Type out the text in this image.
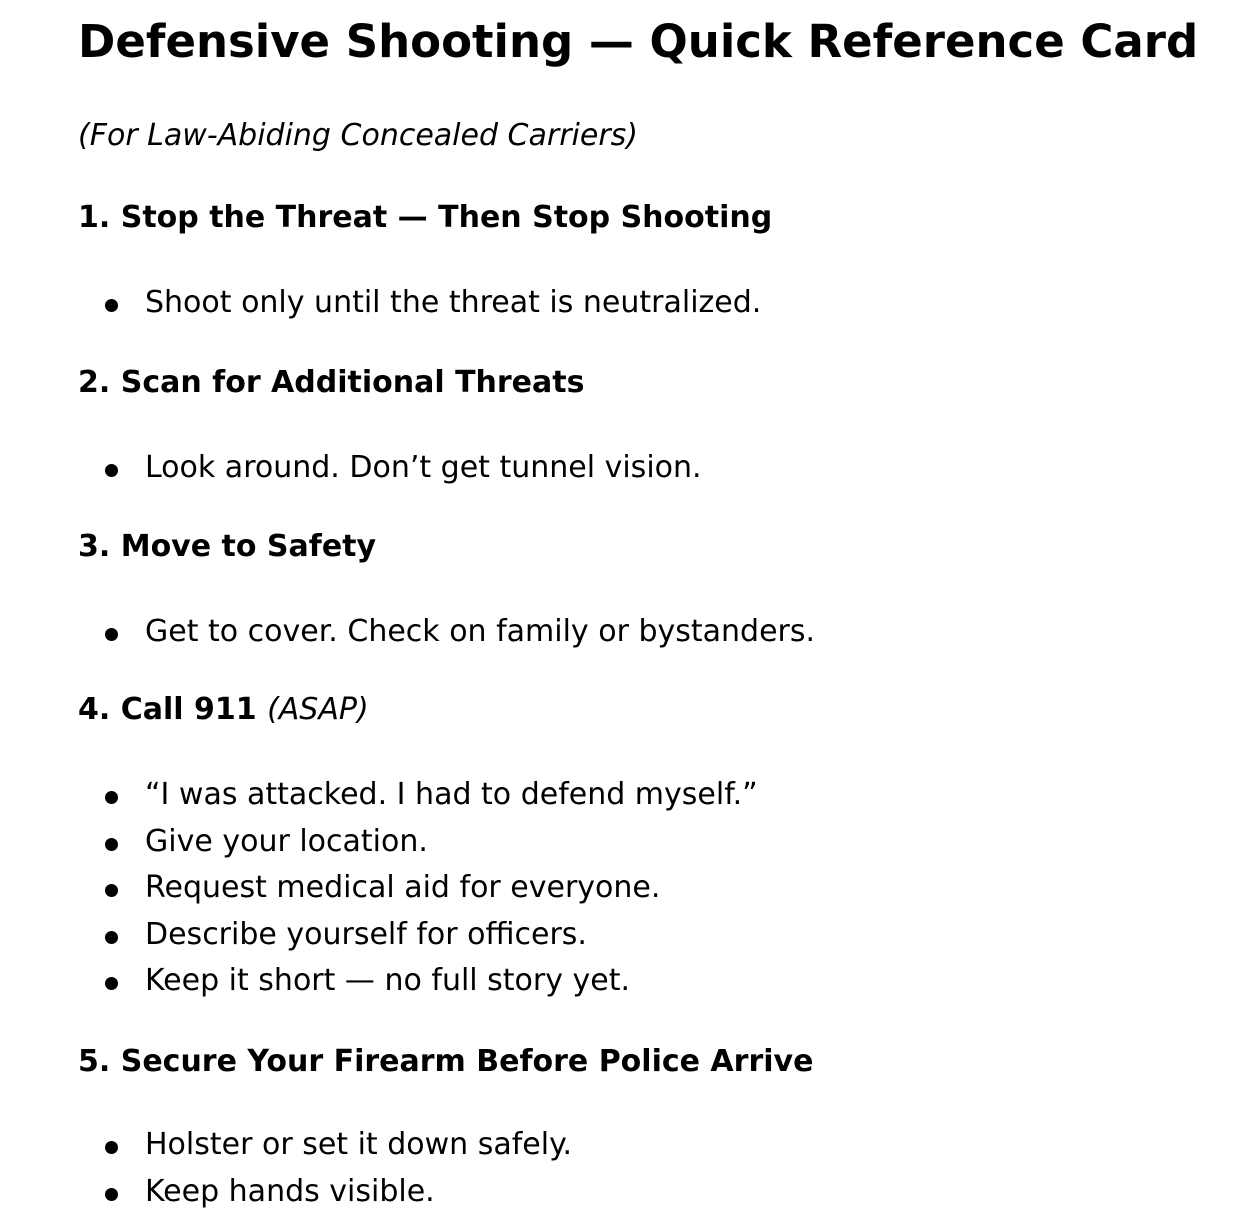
Defensive Shooting — Quick Reference Card

(For Law-Abiding Concealed Carriers)

1. Stop the Threat — Then Stop Shooting
Shoot only until the threat is neutralized.
2. Scan for Additional Threats
Look around. Don’t get tunnel vision.
3. Move to Safety
Get to cover. Check on family or bystanders.
4. Call 911 (ASAP)
“I was attacked. I had to defend myself.”
Give your location.
Request medical aid for everyone.
Describe yourself for officers.
Keep it short — no full story yet.
5. Secure Your Firearm Before Police Arrive
Holster or set it down safely.
Keep hands visible.
